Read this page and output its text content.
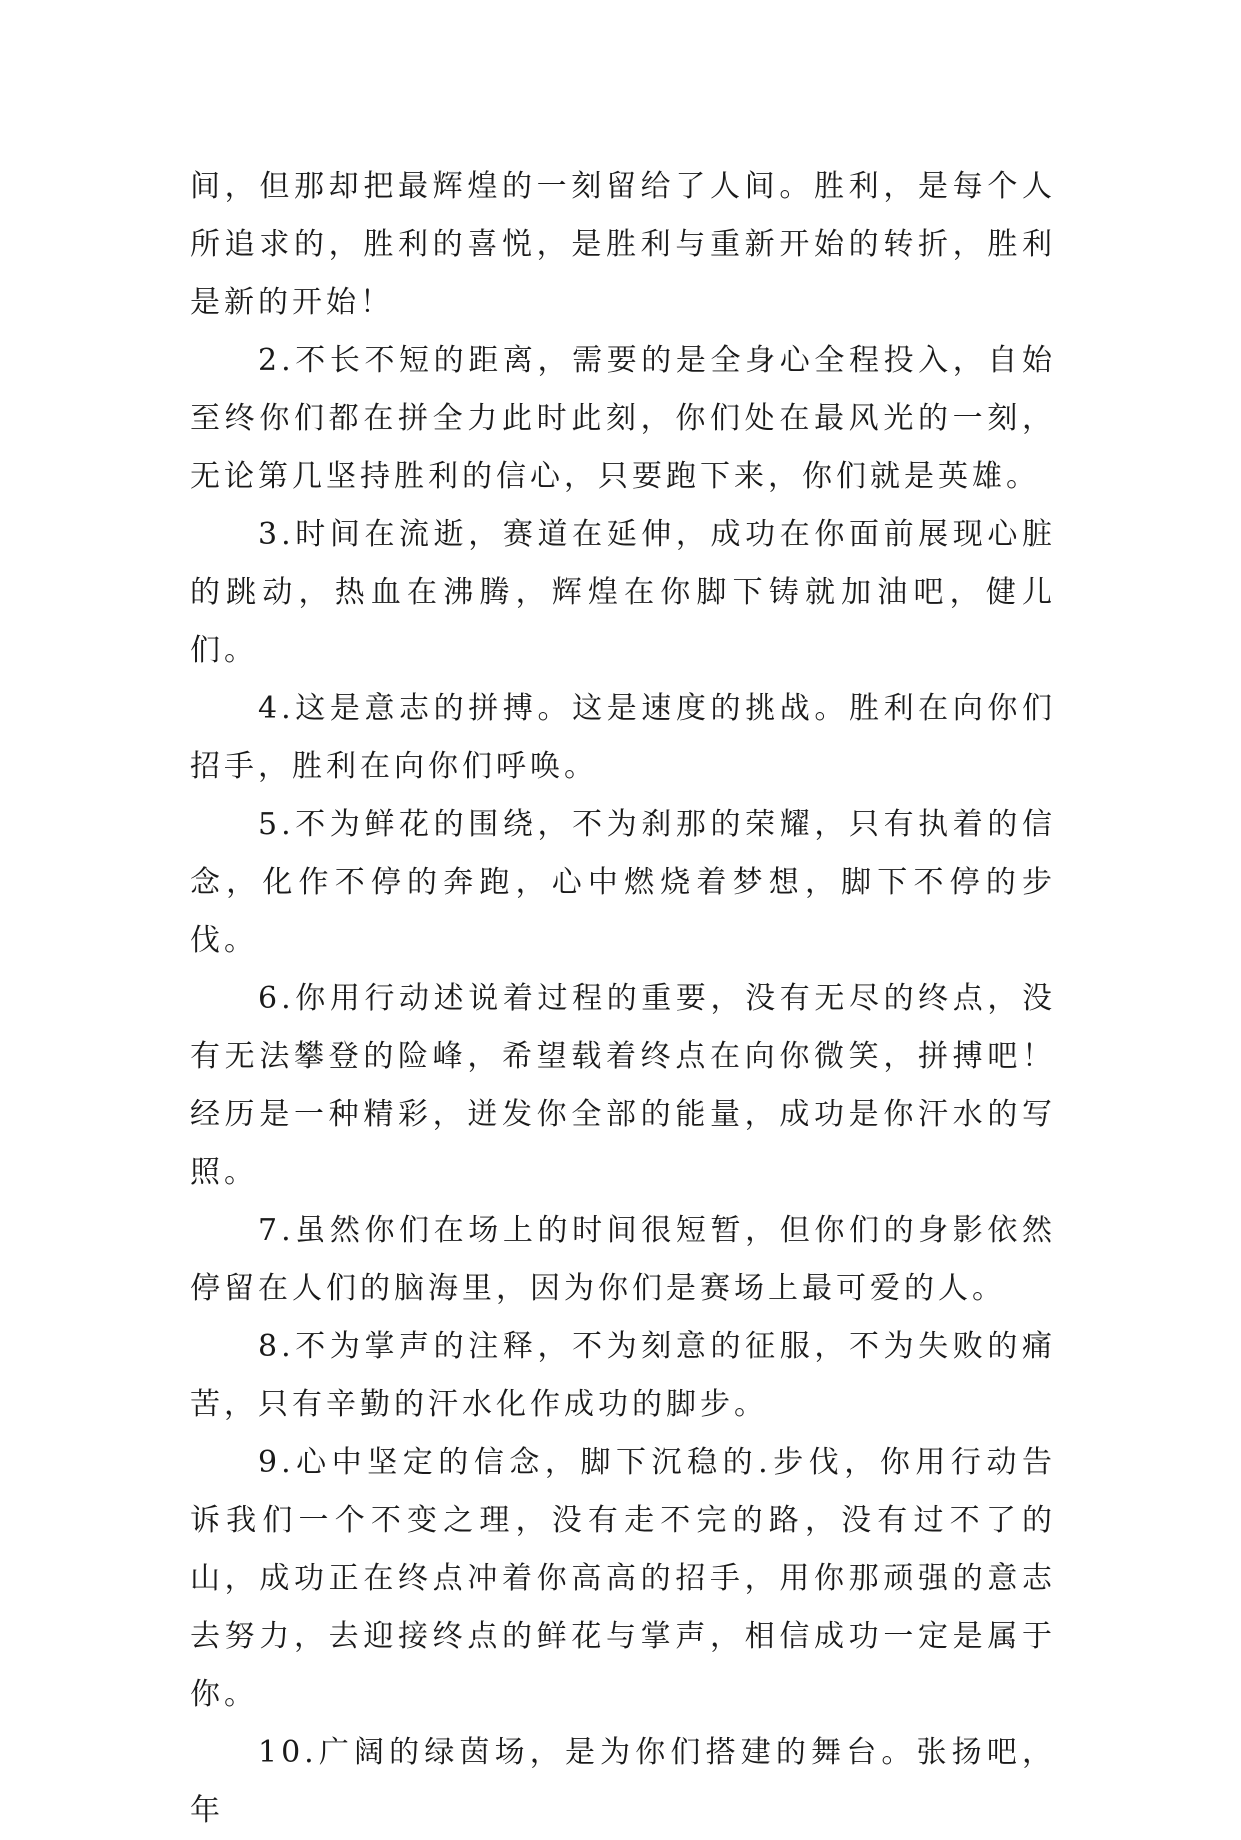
间，但那却把最辉煌的一刻留给了人间。胜利，是每个人所追求的，胜利的喜悦，是胜利与重新开始的转折，胜利是新的开始！

2.不长不短的距离，需要的是全身心全程投入，自始至终你们都在拼全力此时此刻，你们处在最风光的一刻，无论第几坚持胜利的信心，只要跑下来，你们就是英雄。

3.时间在流逝，赛道在延伸，成功在你面前展现心脏的跳动，热血在沸腾，辉煌在你脚下铸就加油吧，健儿们。

4.这是意志的拼搏。这是速度的挑战。胜利在向你们招手，胜利在向你们呼唤。

5.不为鲜花的围绕，不为刹那的荣耀，只有执着的信念，化作不停的奔跑，心中燃烧着梦想，脚下不停的步伐。

6.你用行动述说着过程的重要，没有无尽的终点，没有无法攀登的险峰，希望载着终点在向你微笑，拼搏吧！经历是一种精彩，迸发你全部的能量，成功是你汗水的写照。

7.虽然你们在场上的时间很短暂，但你们的身影依然停留在人们的脑海里，因为你们是赛场上最可爱的人。

8.不为掌声的注释，不为刻意的征服，不为失败的痛苦，只有辛勤的汗水化作成功的脚步。

9.心中坚定的信念，脚下沉稳的.步伐，你用行动告诉我们一个不变之理，没有走不完的路，没有过不了的山，成功正在终点冲着你高高的招手，用你那顽强的意志去努力，去迎接终点的鲜花与掌声，相信成功一定是属于你。

10.广阔的绿茵场，是为你们搭建的舞台。张扬吧，年
